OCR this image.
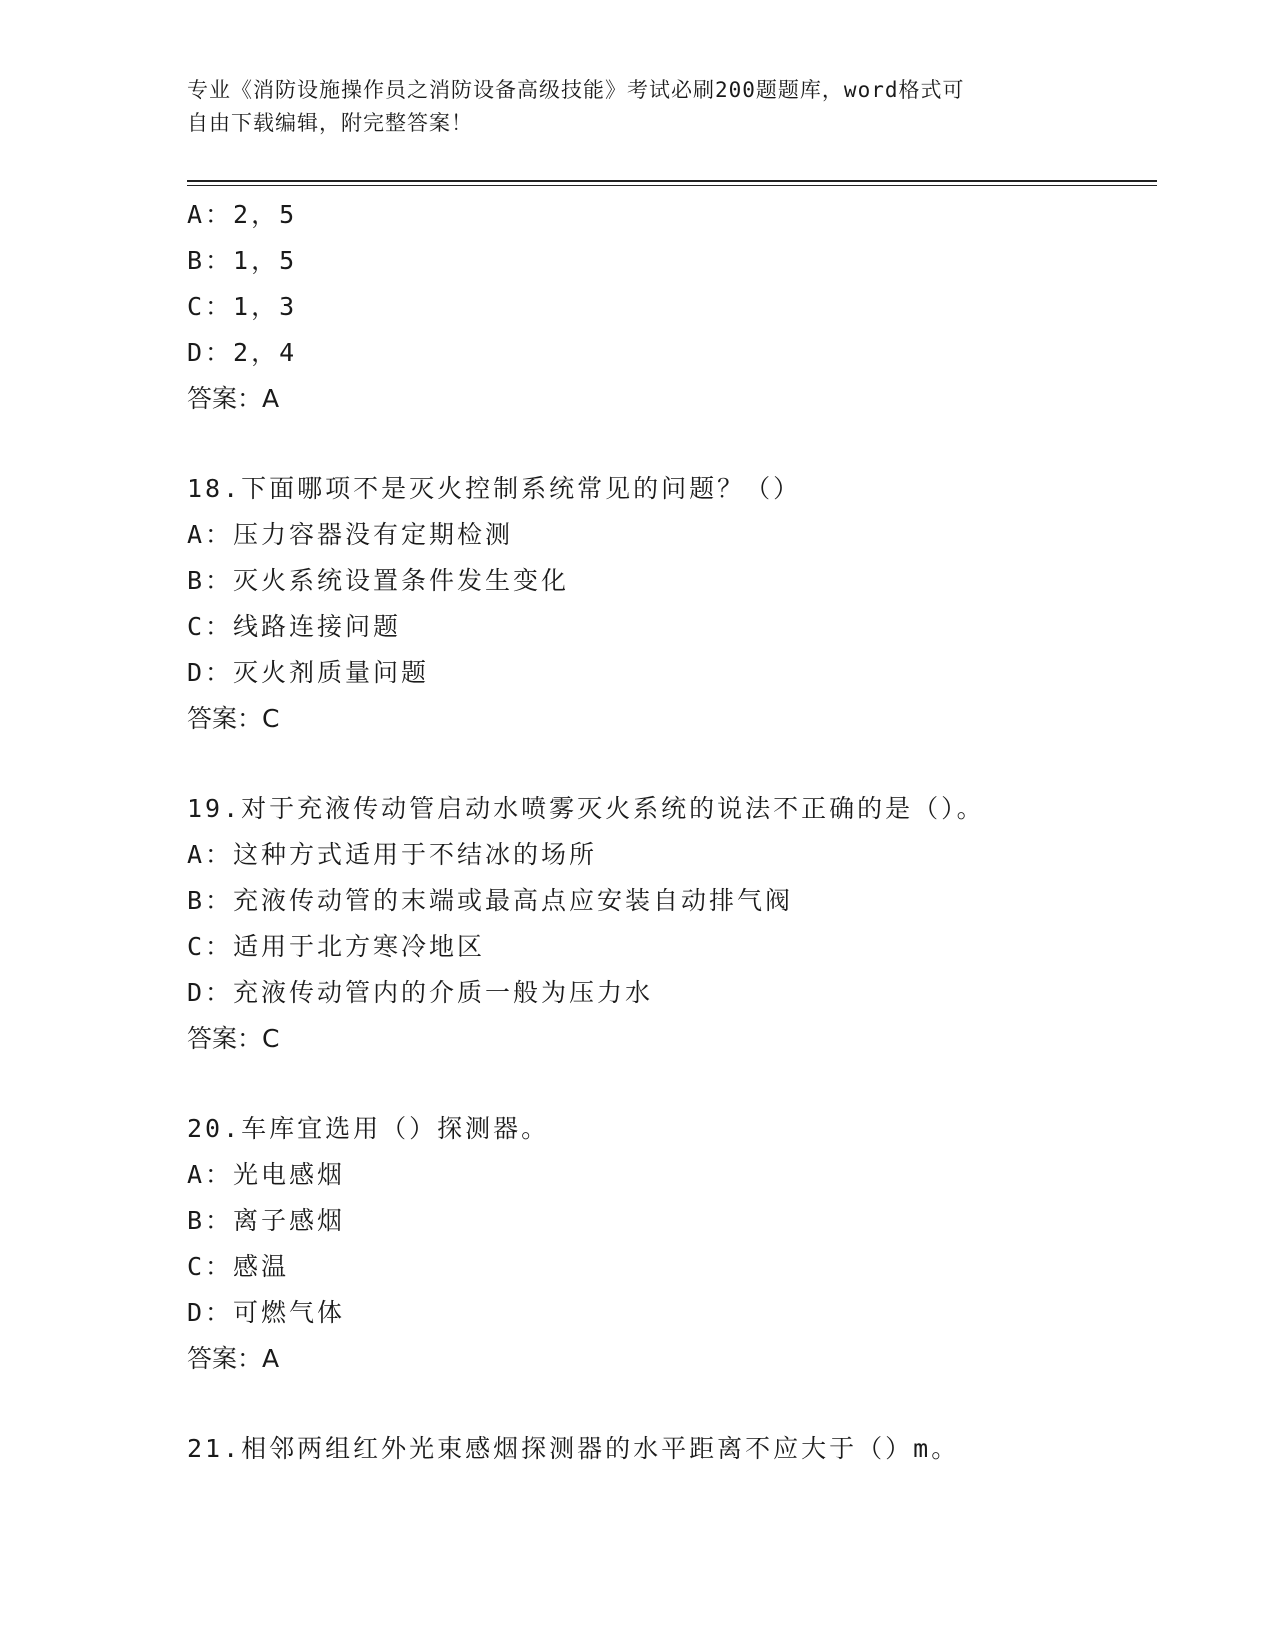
专业《消防设施操作员之消防设备高级技能》考试必刷200题题库，word格式可
自由下载编辑，附完整答案！
A：2，5
B：1，5
C：1，3
D：2，4
答案：A
18.下面哪项不是灭火控制系统常见的问题？（）
A：压力容器没有定期检测
B：灭火系统设置条件发生变化
C：线路连接问题
D：灭火剂质量问题
答案：C
19.对于充液传动管启动水喷雾灭火系统的说法不正确的是（）。
A：这种方式适用于不结冰的场所
B：充液传动管的末端或最高点应安装自动排气阀
C：适用于北方寒冷地区
D：充液传动管内的介质一般为压力水
答案：C
20.车库宜选用（）探测器。
A：光电感烟
B：离子感烟
C：感温
D：可燃气体
答案：A
21.相邻两组红外光束感烟探测器的水平距离不应大于（）m。
